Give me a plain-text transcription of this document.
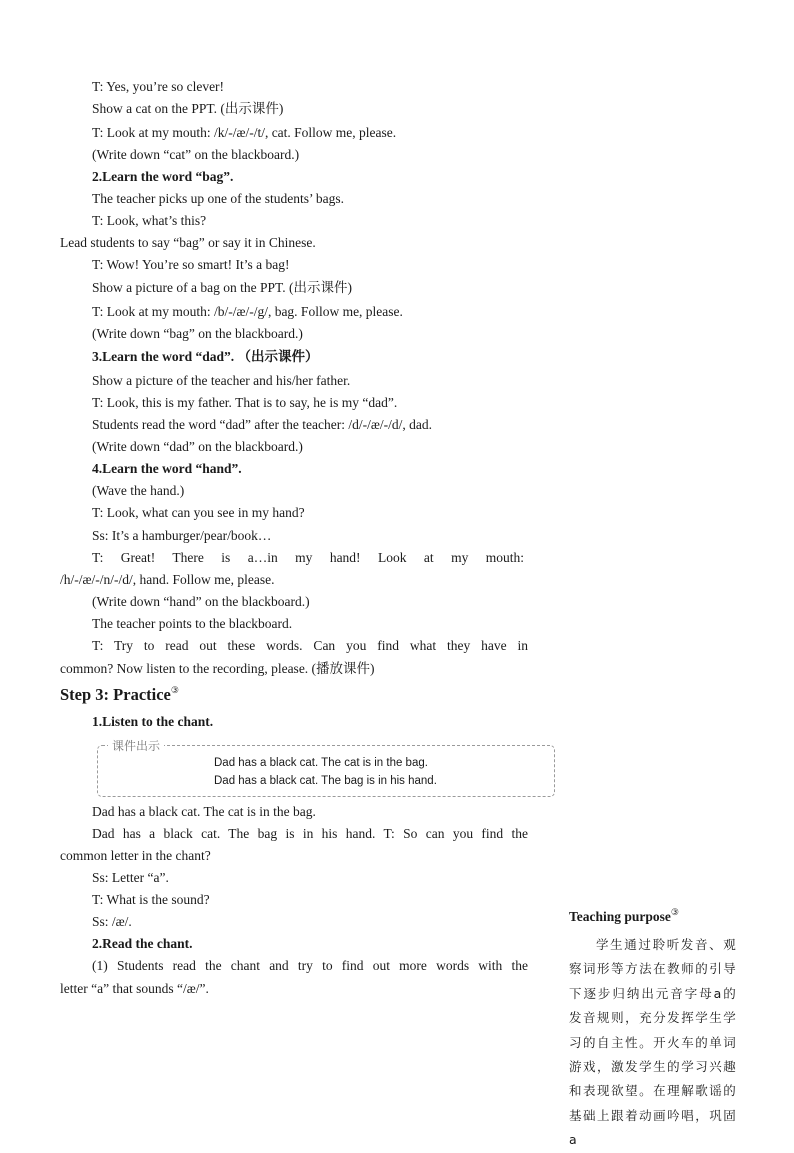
T: Yes, you’re so clever!
Show a cat on the PPT. (出示课件)
T: Look at my mouth: /k/-/æ/-/t/, cat. Follow me, please.
(Write down “cat” on the blackboard.)
2.Learn the word “bag”.
The teacher picks up one of the students’ bags.
T: Look, what’s this?
Lead students to say “bag” or say it in Chinese.
T: Wow! You’re so smart! It’s a bag!
Show a picture of a bag on the PPT. (出示课件)
T: Look at my mouth: /b/-/æ/-/g/, bag. Follow me, please.
(Write down “bag” on the blackboard.)
3.Learn the word “dad”. （出示课件）
Show a picture of the teacher and his/her father.
T: Look, this is my father. That is to say, he is my “dad”.
Students read the word “dad” after the teacher: /d/-/æ/-/d/, dad.
(Write down “dad” on the blackboard.)
4.Learn the word “hand”.
(Wave the hand.)
T: Look, what can you see in my hand?
Ss: It’s a hamburger/pear/book…
T: Great! There is a…in my hand! Look at my mouth:
/h/-/æ/-/n/-/d/, hand. Follow me, please.
(Write down “hand” on the blackboard.)
The teacher points to the blackboard.
T: Try to read out these words. Can you find what they have in
common? Now listen to the recording, please. (播放课件)
Step 3: Practice③
1.Listen to the chant.
课件出示
Dad has a black cat. The cat is in the bag.
Dad has a black cat. The bag is in his hand.
Dad has a black cat. The cat is in the bag.
Dad has a black cat. The bag is in his hand. T: So can you find the
common letter in the chant?
Ss: Letter “a”.
T: What is the sound?
Ss: /æ/.
2.Read the chant.
(1) Students read the chant and try to find out more words with the
letter “a” that sounds “/æ/”.
Teaching purpose③
学生通过聆听发音、观察词形等方法在教师的引导下逐步归纳出元音字母a的发音规则，充分发挥学生学习的自主性。开火车的单词游戏，激发学生的学习兴趣和表现欲望。在理解歌谣的基础上跟着动画吟唱，巩固a
